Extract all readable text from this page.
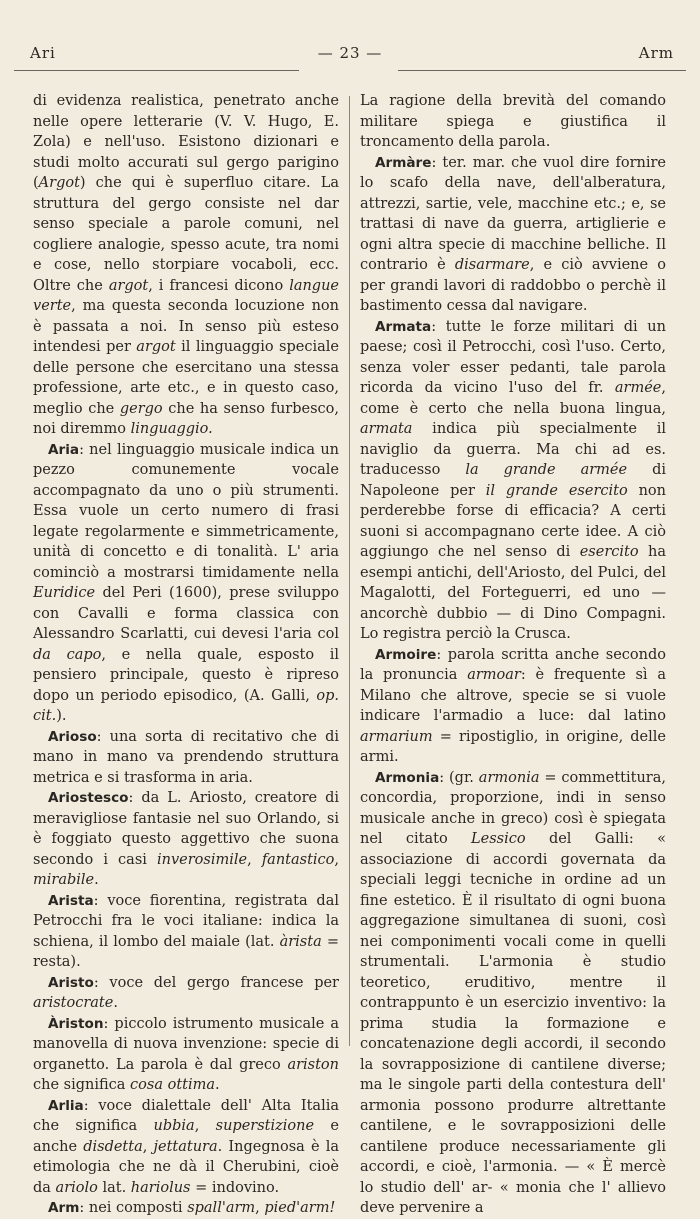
Ari	— 23 —	Arm

di evidenza realistica, penetrato anche nelle opere letterarie (V. V. Hugo, E. Zola) e nell'uso. Esistono dizionari e studi molto accurati sul gergo parigino (Argot) che qui è superfluo citare. La struttura del gergo consiste nel dar senso speciale a parole comuni, nel cogliere analogie, spesso acute, tra nomi e cose, nello storpiare vocaboli, ecc. Oltre che argot, i francesi dicono langue verte, ma questa seconda locuzione non è passata a noi. In senso più esteso intendesi per argot il linguaggio speciale delle persone che esercitano una stessa professione, arte etc., e in questo caso, meglio che gergo che ha senso furbesco, noi diremmo linguaggio.

Aria: nel linguaggio musicale indica un pezzo comunemente vocale accompagnato da uno o più strumenti. Essa vuole un certo numero di frasi legate regolarmente e simmetricamente, unità di concetto e di tonalità. L' aria cominciò a mostrarsi timidamente nella Euridice del Peri (1600), prese sviluppo con Cavalli e forma classica con Alessandro Scarlatti, cui devesi l'aria col da capo, e nella quale, esposto il pensiero principale, questo è ripreso dopo un periodo episodico, (A. Galli, op. cit.).

Arioso: una sorta di recitativo che di mano in mano va prendendo struttura metrica e si trasforma in aria.

Ariostesco: da L. Ariosto, creatore di meravigliose fantasie nel suo Orlando, si è foggiato questo aggettivo che suona secondo i casi inverosimile, fantastico, mirabile.

Arista: voce fiorentina, registrata dal Petrocchi fra le voci italiane: indica la schiena, il lombo del maiale (lat. àrista = resta).

Aristo: voce del gergo francese per aristocrate.

Àriston: piccolo istrumento musicale a manovella di nuova invenzione: specie di organetto. La parola è dal greco ariston che significa cosa ottima.

Arlia: voce dialettale dell' Alta Italia che significa ubbia, superstizione e anche disdetta, jettatura. Ingegnosa è la etimologia che ne dà il Cherubini, cioè da ariolo lat. hariolus = indovino.

Arm: nei composti spall'arm, pied'arm!

La ragione della brevità del comando militare spiega e giustifica il troncamento della parola.

Armàre: ter. mar. che vuol dire fornire lo scafo della nave, dell'alberatura, attrezzi, sartie, vele, macchine etc.; e, se trattasi di nave da guerra, artiglierie e ogni altra specie di macchine belliche. Il contrario è disarmare, e ciò avviene o per grandi lavori di raddobbo o perchè il bastimento cessa dal navigare.

Armata: tutte le forze militari di un paese; così il Petrocchi, così l'uso. Certo, senza voler esser pedanti, tale parola ricorda da vicino l'uso del fr. armée, come è certo che nella buona lingua, armata indica più specialmente il naviglio da guerra. Ma chi ad es. traducesso la grande armée di Napoleone per il grande esercito non perderebbe forse di efficacia? A certi suoni si accompagnano certe idee. A ciò aggiungo che nel senso di esercito ha esempi antichi, dell'Ariosto, del Pulci, del Magalotti, del Forteguerri, ed uno — ancorchè dubbio — di Dino Compagni. Lo registra perciò la Crusca.

Armoire: parola scritta anche secondo la pronuncia armoar: è frequente sì a Milano che altrove, specie se si vuole indicare l'armadio a luce: dal latino armarium = ripostiglio, in origine, delle armi.

Armonia: (gr. armonia = commettitura, concordia, proporzione, indi in senso musicale anche in greco) così è spiegata nel citato Lessico del Galli: « associazione di accordi governata da speciali leggi tecniche in ordine ad un fine estetico. È il risultato di ogni buona aggregazione simultanea di suoni, così nei componimenti vocali come in quelli strumentali. L'armonia è studio teoretico, eruditivo, mentre il contrappunto è un esercizio inventivo: la prima studia la formazione e concatenazione degli accordi, il secondo la sovrapposizione di cantilene diverse; ma le singole parti della contestura dell' armonia possono produrre altrettante cantilene, e le sovrapposizioni delle cantilene produce necessariamente gli accordi, e cioè, l'armonia. — « È mercè lo studio dell' ar- « monia che l' allievo deve pervenire a
